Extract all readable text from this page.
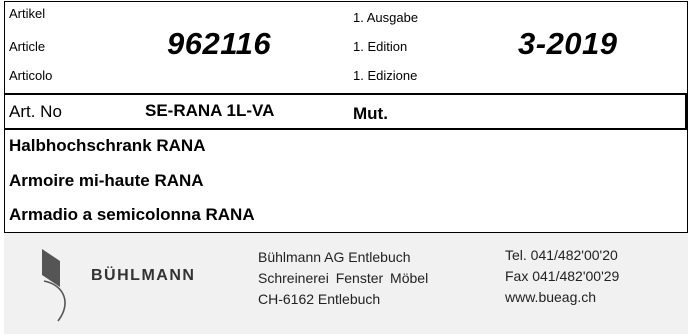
Artikel
Article
Articolo
962116
1. Ausgabe
1. Edition
1. Edizione
3-2019
Art. No	SE-RANA 1L-VA	Mut.
Halbhochschrank RANA
Armoire mi-haute RANA
Armadio a semicolonna RANA
BÜHLMANN
Bühlmann AG Entlebuch
Schreinerei Fenster Möbel
CH-6162 Entlebuch
Tel. 041/482'00'20
Fax 041/482'00'29
www.bueag.ch
